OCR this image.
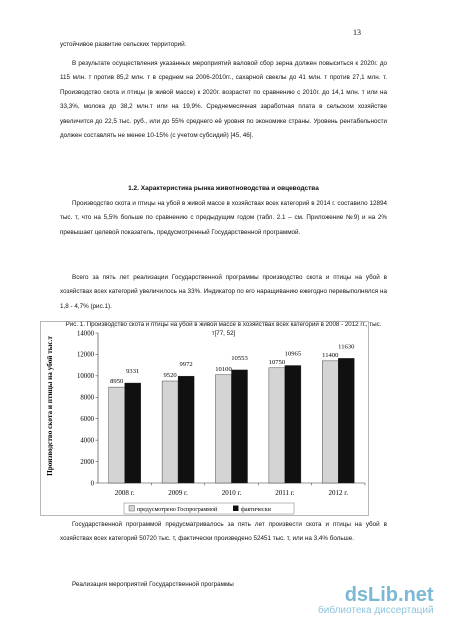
13

устойчивое развитие сельских территорий.

В результате осуществления указанных мероприятий валовой сбор зерна должен повыситься к 2020г. до 115 млн. т против 85,2 млн. т в среднем на 2006-2010гг., сахарной свеклы до 41 млн. т против 27,1 млн. т. Производство скота и птицы (в живой массе) к 2020г. возрастет по сравнению с 2010г. до 14,1 млн. т или на 33,3%, молока до 38,2 млн.т или на 19,9%. Среднемесячная заработная плата в сельском хозяйстве увеличится до 22,5 тыс. руб., или до 55% среднего её уровня по экономике страны. Уровень рентабельности должен составлять не менее 10-15% (с учетом субсидий) [45, 46].

1.2. Характеристика рынка животноводства и овцеводства

Производство скота и птицы на убой в живой массе в хозяйствах всех категорий в 2014 г. составило 12894 тыс. т, что на 5,5% больше по сравнению с предыдущим годом (табл. 2.1 – см. Приложение №9) и на 2% превышает целевой показатель, предусмотренный Государственной программой.

Всего за пять лет реализации Государственной программы производство скота и птицы на убой в хозяйствах всех категорий увеличилось на 33%. Индикатор по его наращиванию ежегодно перевыполнялся на 1,8 - 4,7% (рис.1).

Рис. 1. Производство скота и птицы на убой в живой массе в хозяйствах всех категорий в 2008 - 2012 гг., тыс. т[77, 52]
Производство скота и птицы на убой тыс.т
0
2000
4000
6000
8000
10000
12000
14000
8950
9331
2008 г.
9520
9972
2009 г.
10100
10553
2010 г.
10750
10965
2011 г.
11400
11630
2012 г.
предусмотрено Госпрограммой	фактически

Государственной программой предусматривалось за пять лет произвести скота и птицы на убой в хозяйствах всех категорий 50720 тыс. т, фактически произведено 52451 тыс. т, или на 3,4% больше.

Реализация мероприятий Государственной программы	dsLib.net
библиотека диссертаций
